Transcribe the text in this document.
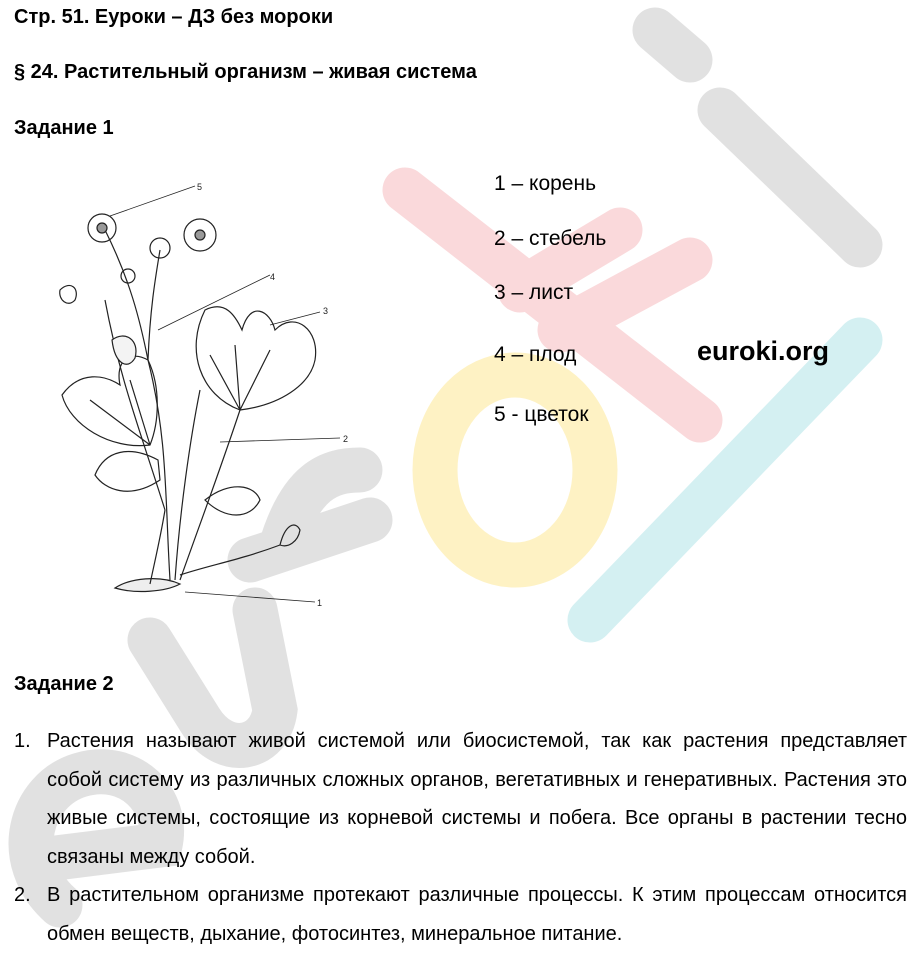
Стр. 51. Еуроки – ДЗ без мороки
§ 24. Растительный организм – живая система
Задание 1
5
4
3
2
1
1 – корень
2 – стебель
3 – лист
4 – плод
5 - цветок
euroki.org
Задание 2
1. Растения называют живой системой или биосистемой, так как растения представляет собой систему из различных сложных органов, вегетативных и генеративных. Растения это живые системы, состоящие из корневой системы и побега. Все органы в растении тесно связаны между собой.
2. В растительном организме протекают различные процессы. К этим процессам относится обмен веществ, дыхание, фотосинтез, минеральное питание.
